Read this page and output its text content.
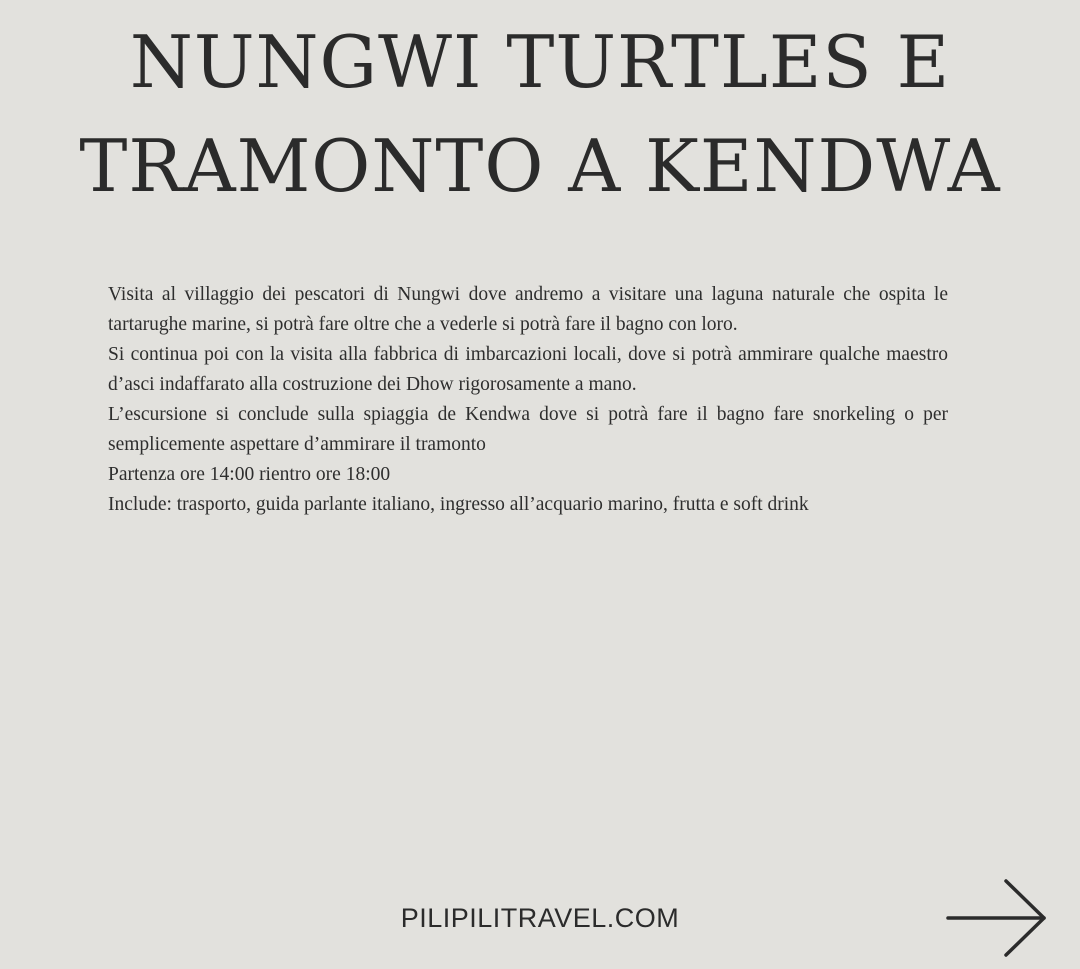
NUNGWI TURTLES E
TRAMONTO A KENDWA

Visita al villaggio dei pescatori di Nungwi dove andremo a visitare una laguna naturale che ospita le tartarughe marine, si potrà fare oltre che a vederle si potrà fare il bagno con loro.

Si continua poi con la visita alla fabbrica di imbarcazioni locali, dove si potrà ammirare qualche maestro d’asci indaffarato alla costruzione dei Dhow rigorosamente a mano.

L’escursione si conclude sulla spiaggia de Kendwa dove si potrà fare il bagno fare snorkeling o per semplicemente aspettare d’ammirare il tramonto

Partenza ore 14:00 rientro ore 18:00

Include: trasporto, guida parlante italiano, ingresso all’acquario marino, frutta e soft drink

PILIPILITRAVEL.COM
